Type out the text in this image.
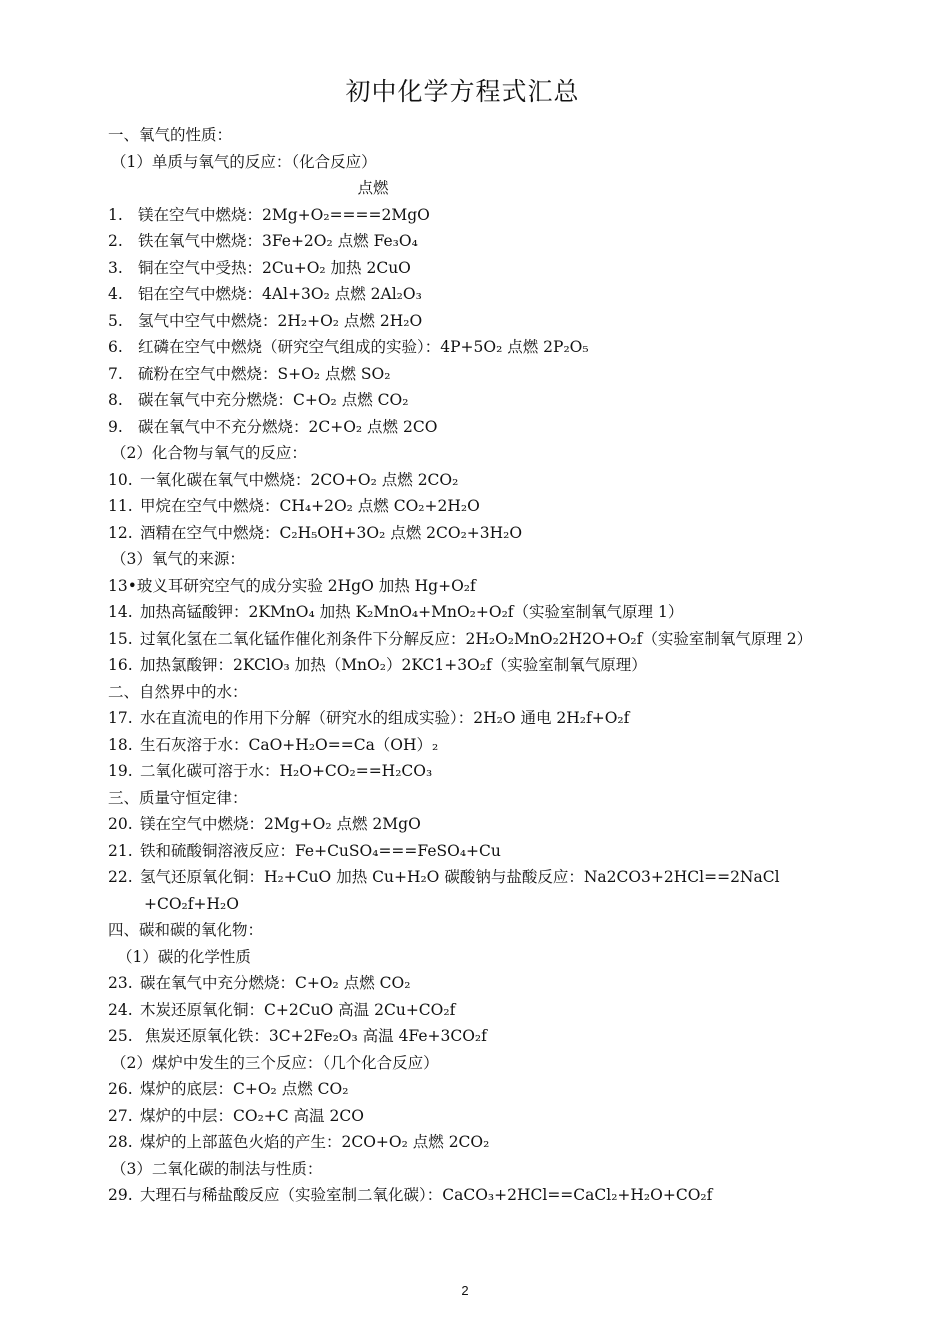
初中化学方程式汇总
一、氧气的性质：
（1）单质与氧气的反应：（化合反应）
点燃
1. 镁在空气中燃烧：2Mg+O₂====2MgO
2. 铁在氧气中燃烧：3Fe+2O₂ 点燃 Fe₃O₄
3. 铜在空气中受热：2Cu+O₂ 加热 2CuO
4. 铝在空气中燃烧：4Al+3O₂ 点燃 2Al₂O₃
5. 氢气中空气中燃烧：2H₂+O₂ 点燃 2H₂O
6. 红磷在空气中燃烧（研究空气组成的实验）：4P+5O₂ 点燃 2P₂O₅
7. 硫粉在空气中燃烧：S+O₂ 点燃 SO₂
8. 碳在氧气中充分燃烧：C+O₂ 点燃 CO₂
9. 碳在氧气中不充分燃烧：2C+O₂ 点燃 2CO
（2）化合物与氧气的反应：
10. 一氧化碳在氧气中燃烧：2CO+O₂ 点燃 2CO₂
11. 甲烷在空气中燃烧：CH₄+2O₂ 点燃 CO₂+2H₂O
12. 酒精在空气中燃烧：C₂H₅OH+3O₂ 点燃 2CO₂+3H₂O
（3）氧气的来源：
13•玻义耳研究空气的成分实验 2HgO 加热 Hg+O₂f
14. 加热高锰酸钾：2KMnO₄ 加热 K₂MnO₄+MnO₂+O₂f（实验室制氧气原理 1）
15. 过氧化氢在二氧化锰作催化剂条件下分解反应：2H₂O₂MnO₂2H2O+O₂f（实验室制氧气原理 2）
16. 加热氯酸钾：2KClO₃ 加热（MnO₂）2KC1+3O₂f（实验室制氧气原理）
二、自然界中的水：
17. 水在直流电的作用下分解（研究水的组成实验）：2H₂O 通电 2H₂f+O₂f
18. 生石灰溶于水：CaO+H₂O==Ca（OH）₂
19. 二氧化碳可溶于水：H₂O+CO₂==H₂CO₃
三、质量守恒定律：
20. 镁在空气中燃烧：2Mg+O₂ 点燃 2MgO
21. 铁和硫酸铜溶液反应：Fe+CuSO₄===FeSO₄+Cu
22. 氢气还原氧化铜：H₂+CuO 加热 Cu+H₂O 碳酸钠与盐酸反应：Na2CO3+2HCl==2NaCl
+CO₂f+H₂O
四、碳和碳的氧化物：
（1）碳的化学性质
23. 碳在氧气中充分燃烧：C+O₂ 点燃 CO₂
24. 木炭还原氧化铜：C+2CuO 高温 2Cu+CO₂f
25. 焦炭还原氧化铁：3C+2Fe₂O₃ 高温 4Fe+3CO₂f
（2）煤炉中发生的三个反应：（几个化合反应）
26. 煤炉的底层：C+O₂ 点燃 CO₂
27. 煤炉的中层：CO₂+C 高温 2CO
28. 煤炉的上部蓝色火焰的产生：2CO+O₂ 点燃 2CO₂
（3）二氧化碳的制法与性质：
29. 大理石与稀盐酸反应（实验室制二氧化碳）：CaCO₃+2HCl==CaCl₂+H₂O+CO₂f
2
